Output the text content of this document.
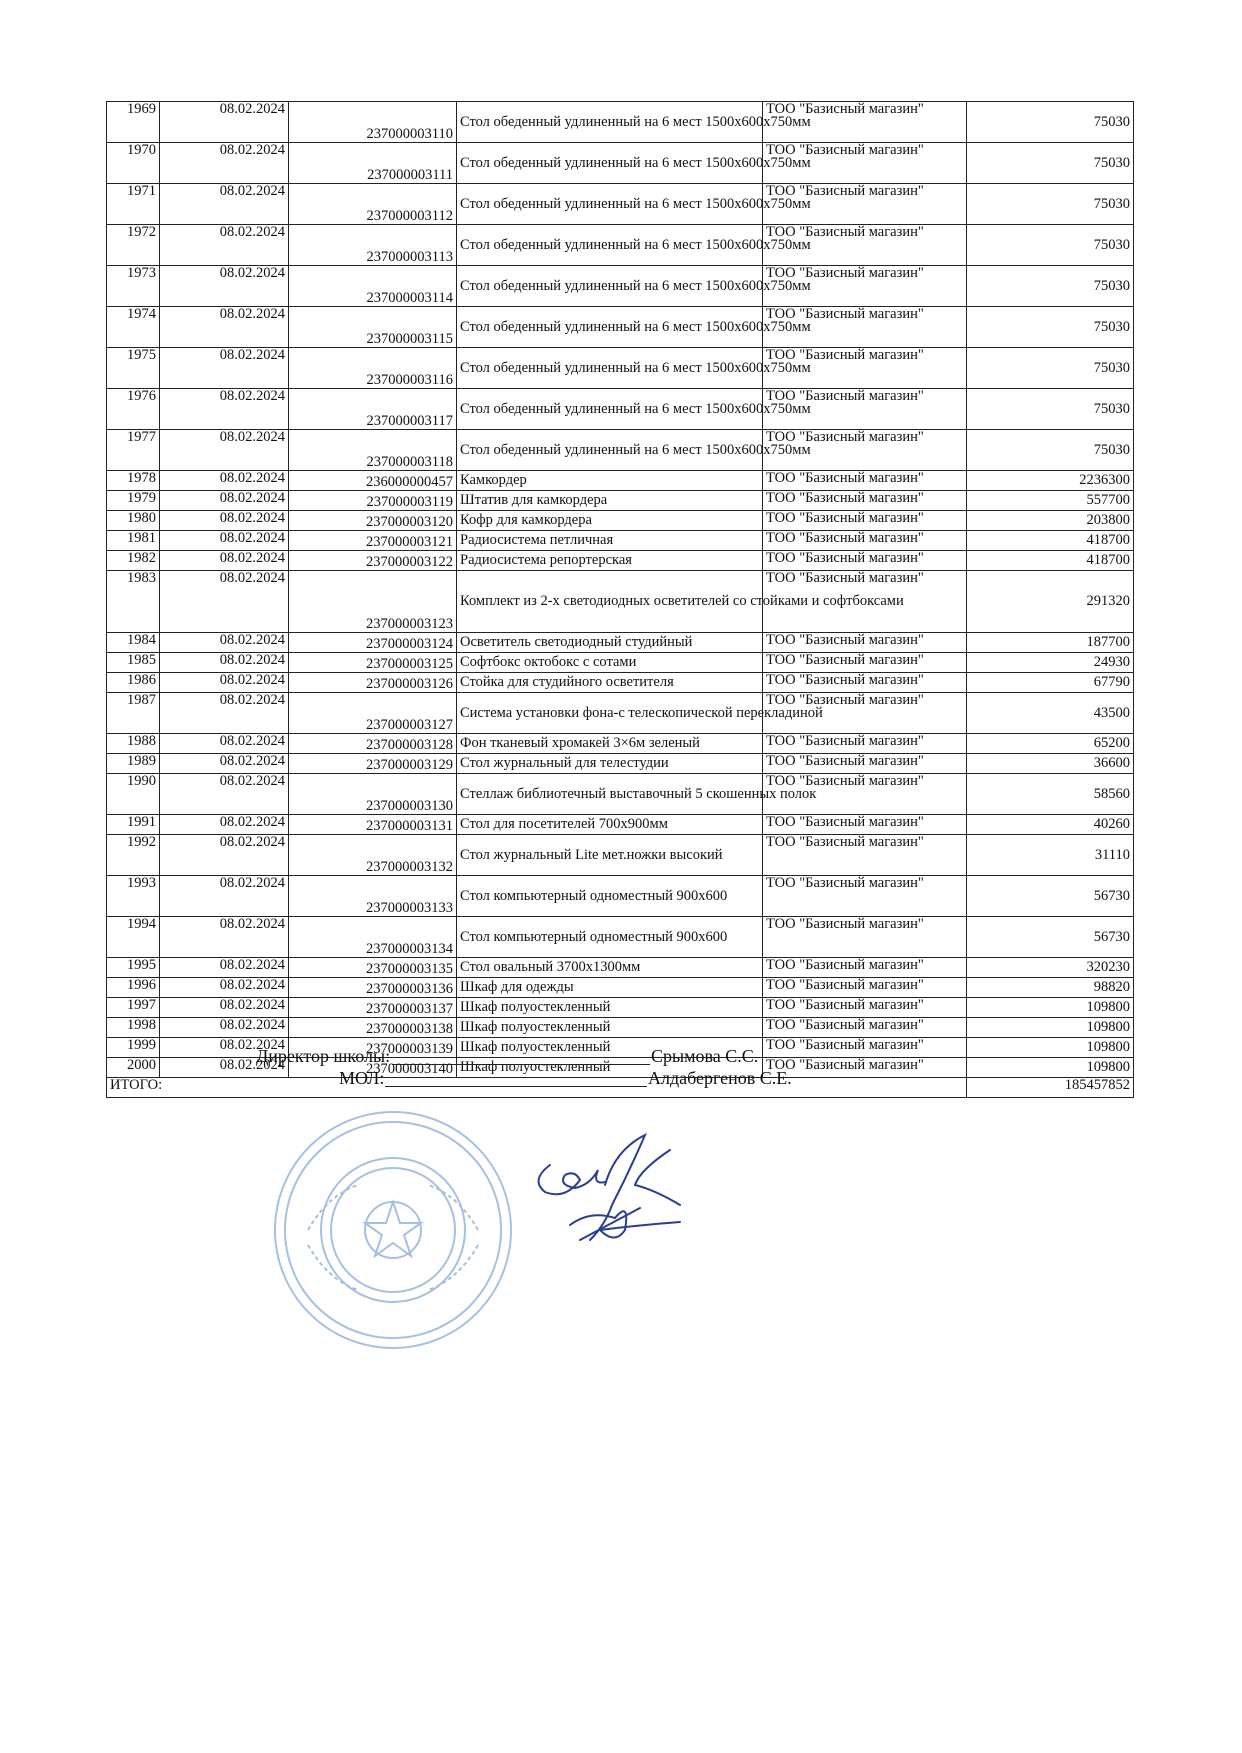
1969	08.02.2024	237000003110	Стол обеденный удлиненный на 6 мест 1500х600х750мм	ТОО "Базисный магазин"	75030
1970	08.02.2024	237000003111	Стол обеденный удлиненный на 6 мест 1500х600х750мм	ТОО "Базисный магазин"	75030
1971	08.02.2024	237000003112	Стол обеденный удлиненный на 6 мест 1500х600х750мм	ТОО "Базисный магазин"	75030
1972	08.02.2024	237000003113	Стол обеденный удлиненный на 6 мест 1500х600х750мм	ТОО "Базисный магазин"	75030
1973	08.02.2024	237000003114	Стол обеденный удлиненный на 6 мест 1500х600х750мм	ТОО "Базисный магазин"	75030
1974	08.02.2024	237000003115	Стол обеденный удлиненный на 6 мест 1500х600х750мм	ТОО "Базисный магазин"	75030
1975	08.02.2024	237000003116	Стол обеденный удлиненный на 6 мест 1500х600х750мм	ТОО "Базисный магазин"	75030
1976	08.02.2024	237000003117	Стол обеденный удлиненный на 6 мест 1500х600х750мм	ТОО "Базисный магазин"	75030
1977	08.02.2024	237000003118	Стол обеденный удлиненный на 6 мест 1500х600х750мм	ТОО "Базисный магазин"	75030
1978	08.02.2024	236000000457	Камкордер	ТОО "Базисный магазин"	2236300
1979	08.02.2024	237000003119	Штатив для камкордера	ТОО "Базисный магазин"	557700
1980	08.02.2024	237000003120	Кофр для камкордера	ТОО "Базисный магазин"	203800
1981	08.02.2024	237000003121	Радиосистема петличная	ТОО "Базисный магазин"	418700
1982	08.02.2024	237000003122	Радиосистема репортерская	ТОО "Базисный магазин"	418700
1983	08.02.2024	237000003123	Комплект из 2-х светодиодных осветителей со стойками и софтбоксами	ТОО "Базисный магазин"	291320
1984	08.02.2024	237000003124	Осветитель светодиодный студийный	ТОО "Базисный магазин"	187700
1985	08.02.2024	237000003125	Софтбокс октобокс с сотами	ТОО "Базисный магазин"	24930
1986	08.02.2024	237000003126	Стойка для студийного осветителя	ТОО "Базисный магазин"	67790
1987	08.02.2024	237000003127	Система установки фона-с телескопической перекладиной	ТОО "Базисный магазин"	43500
1988	08.02.2024	237000003128	Фон тканевый хромакей 3×6м зеленый	ТОО "Базисный магазин"	65200
1989	08.02.2024	237000003129	Стол журнальный для телестудии	ТОО "Базисный магазин"	36600
1990	08.02.2024	237000003130	Стеллаж библиотечный выставочный 5 скошенных полок	ТОО "Базисный магазин"	58560
1991	08.02.2024	237000003131	Стол для посетителей 700х900мм	ТОО "Базисный магазин"	40260
1992	08.02.2024	237000003132	Стол журнальный Lite мет.ножки высокий	ТОО "Базисный магазин"	31110
1993	08.02.2024	237000003133	Стол компьютерный одноместный 900х600	ТОО "Базисный магазин"	56730
1994	08.02.2024	237000003134	Стол компьютерный одноместный 900х600	ТОО "Базисный магазин"	56730
1995	08.02.2024	237000003135	Стол овальный 3700х1300мм	ТОО "Базисный магазин"	320230
1996	08.02.2024	237000003136	Шкаф для одежды	ТОО "Базисный магазин"	98820
1997	08.02.2024	237000003137	Шкаф полуостекленный	ТОО "Базисный магазин"	109800
1998	08.02.2024	237000003138	Шкаф полуостекленный	ТОО "Базисный магазин"	109800
1999	08.02.2024	237000003139	Шкаф полуостекленный	ТОО "Базисный магазин"	109800
2000	08.02.2024	237000003140	Шкаф полуостекленный	ТОО "Базисный магазин"	109800
ИТОГО:					185457852
Директор школы:	Срымова С.С.
МОЛ:	Алдабергенов С.Е.
